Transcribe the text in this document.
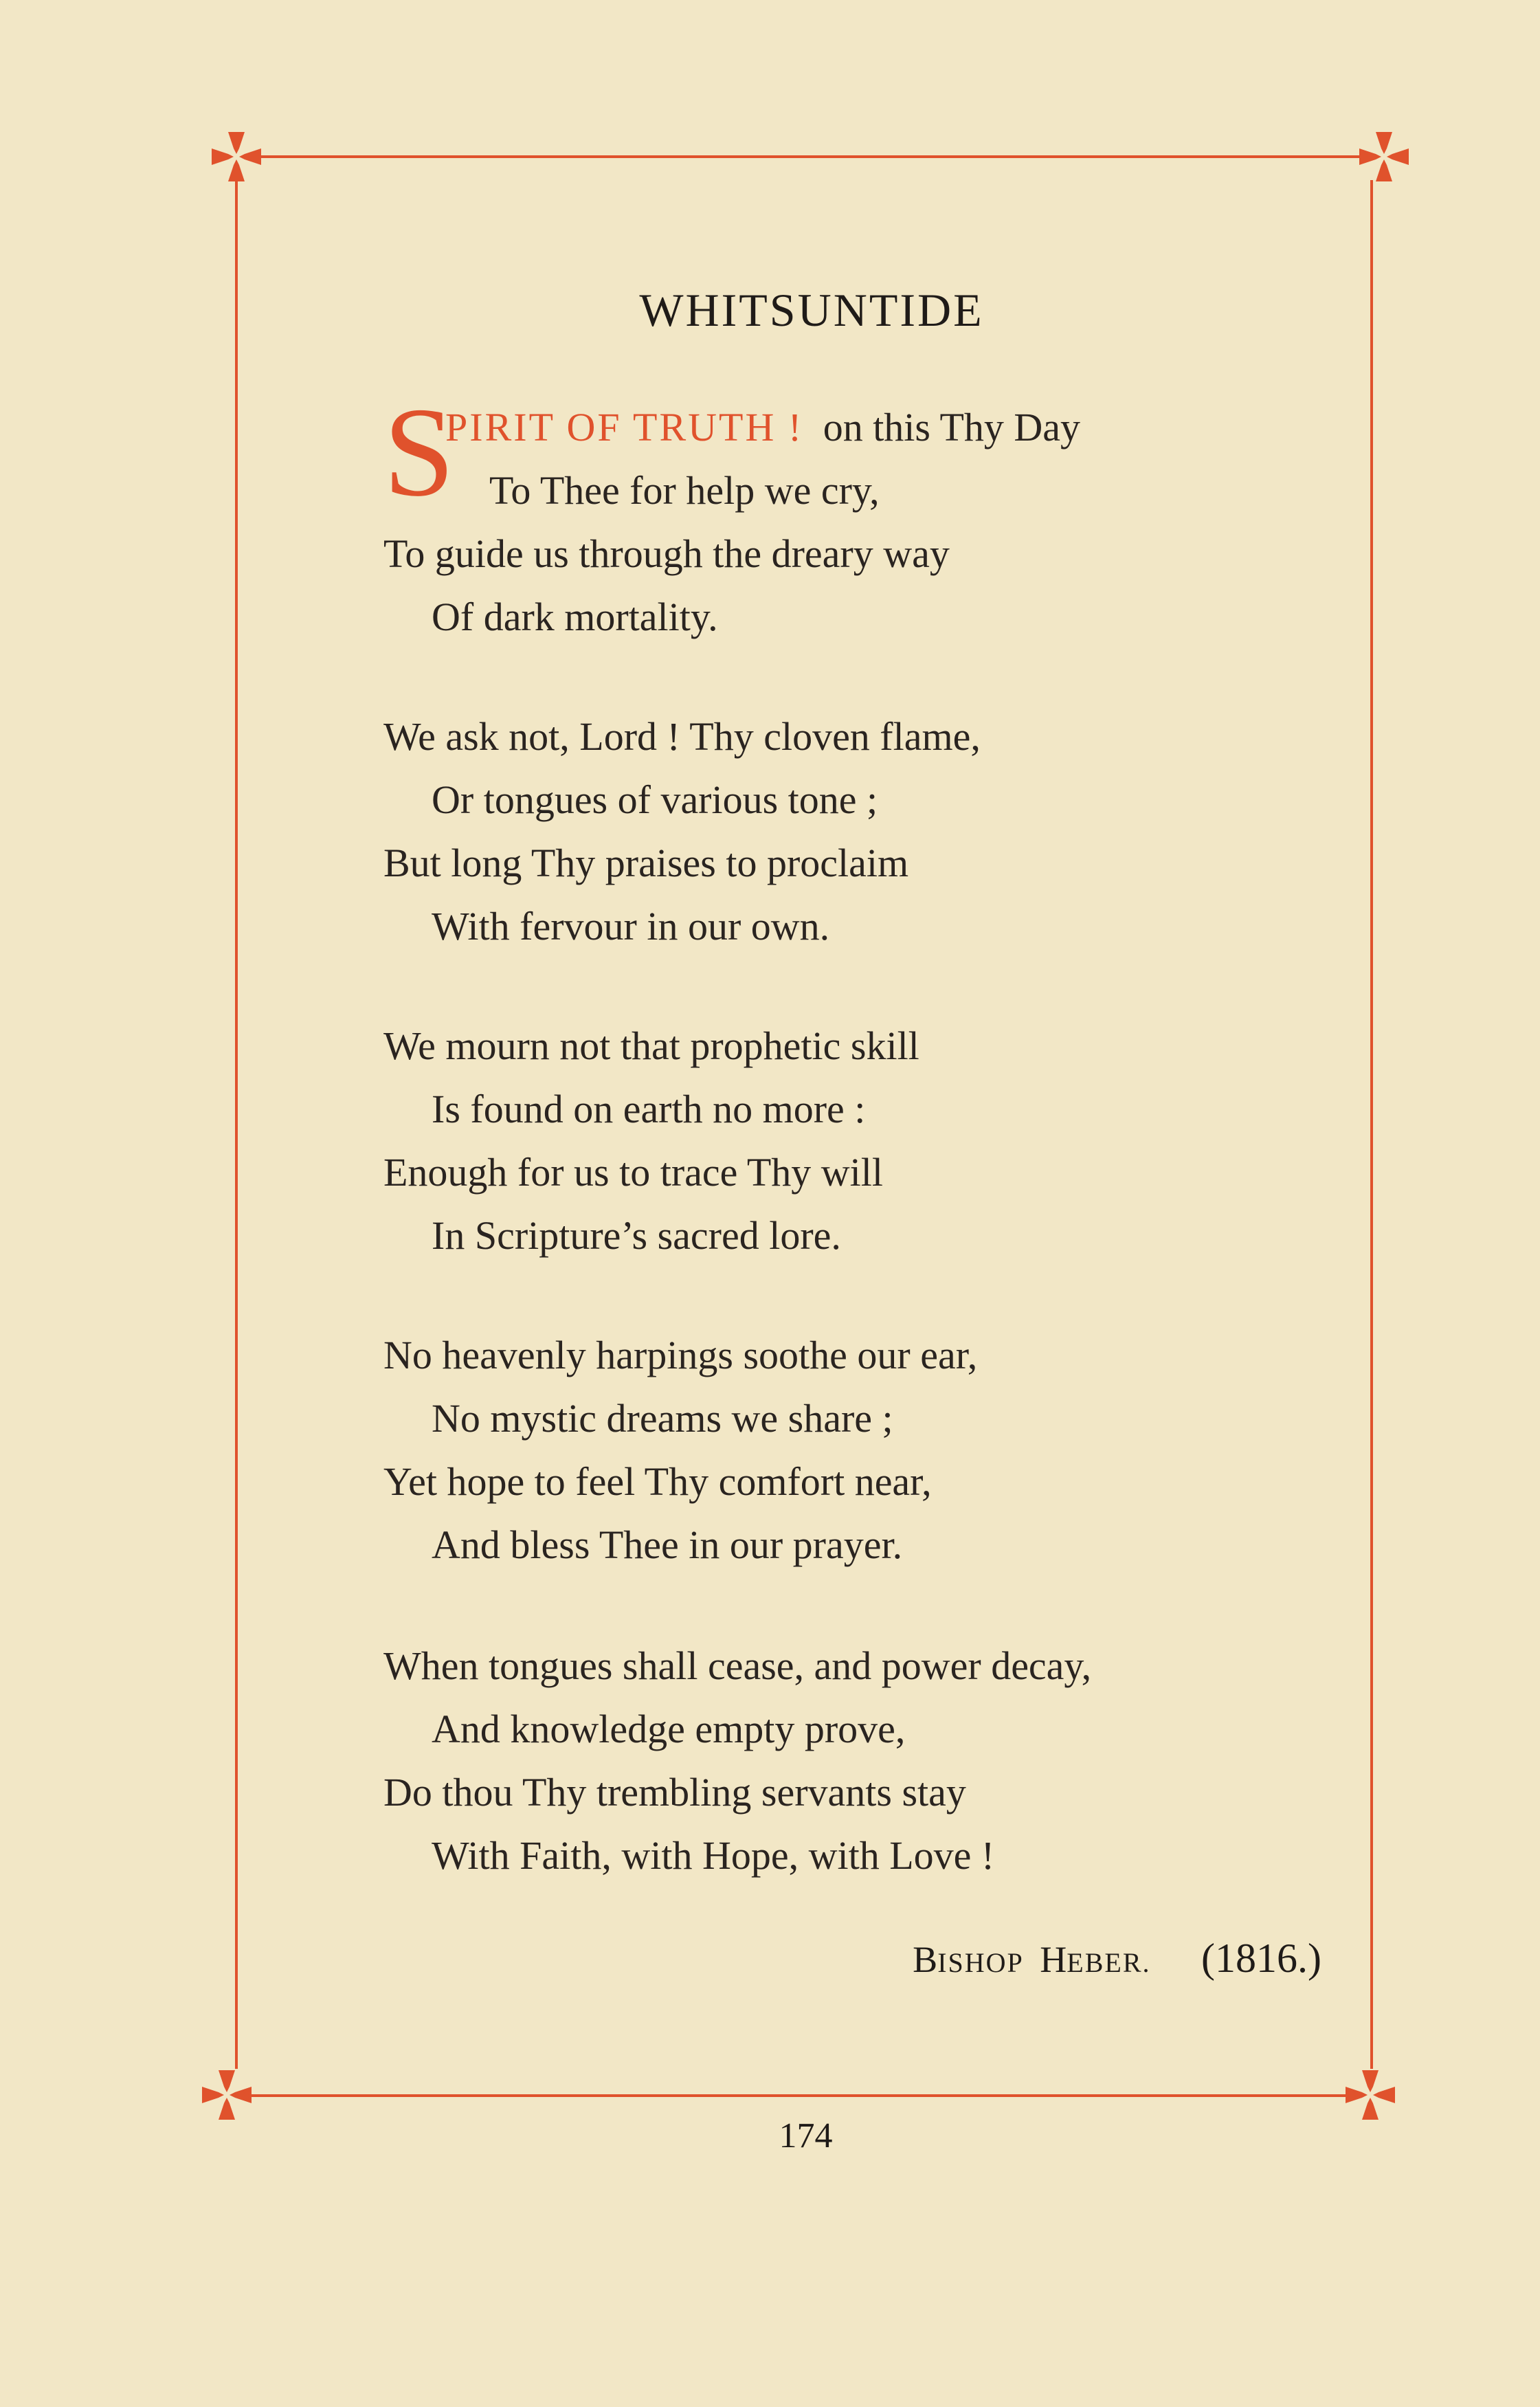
WHITSUNTIDE
S
PIRIT OF TRUTH ! on this Thy Day
To Thee for help we cry,
To guide us through the dreary way
Of dark mortality.
We ask not, Lord ! Thy cloven flame,
Or tongues of various tone ;
But long Thy praises to proclaim
With fervour in our own.
We mourn not that prophetic skill
Is found on earth no more :
Enough for us to trace Thy will
In Scripture’s sacred lore.
No heavenly harpings soothe our ear,
No mystic dreams we share ;
Yet hope to feel Thy comfort near,
And bless Thee in our prayer.
When tongues shall cease, and power decay,
And knowledge empty prove,
Do thou Thy trembling servants stay
With Faith, with Hope, with Love !
BISHOP HEBER. (1816.)
174
